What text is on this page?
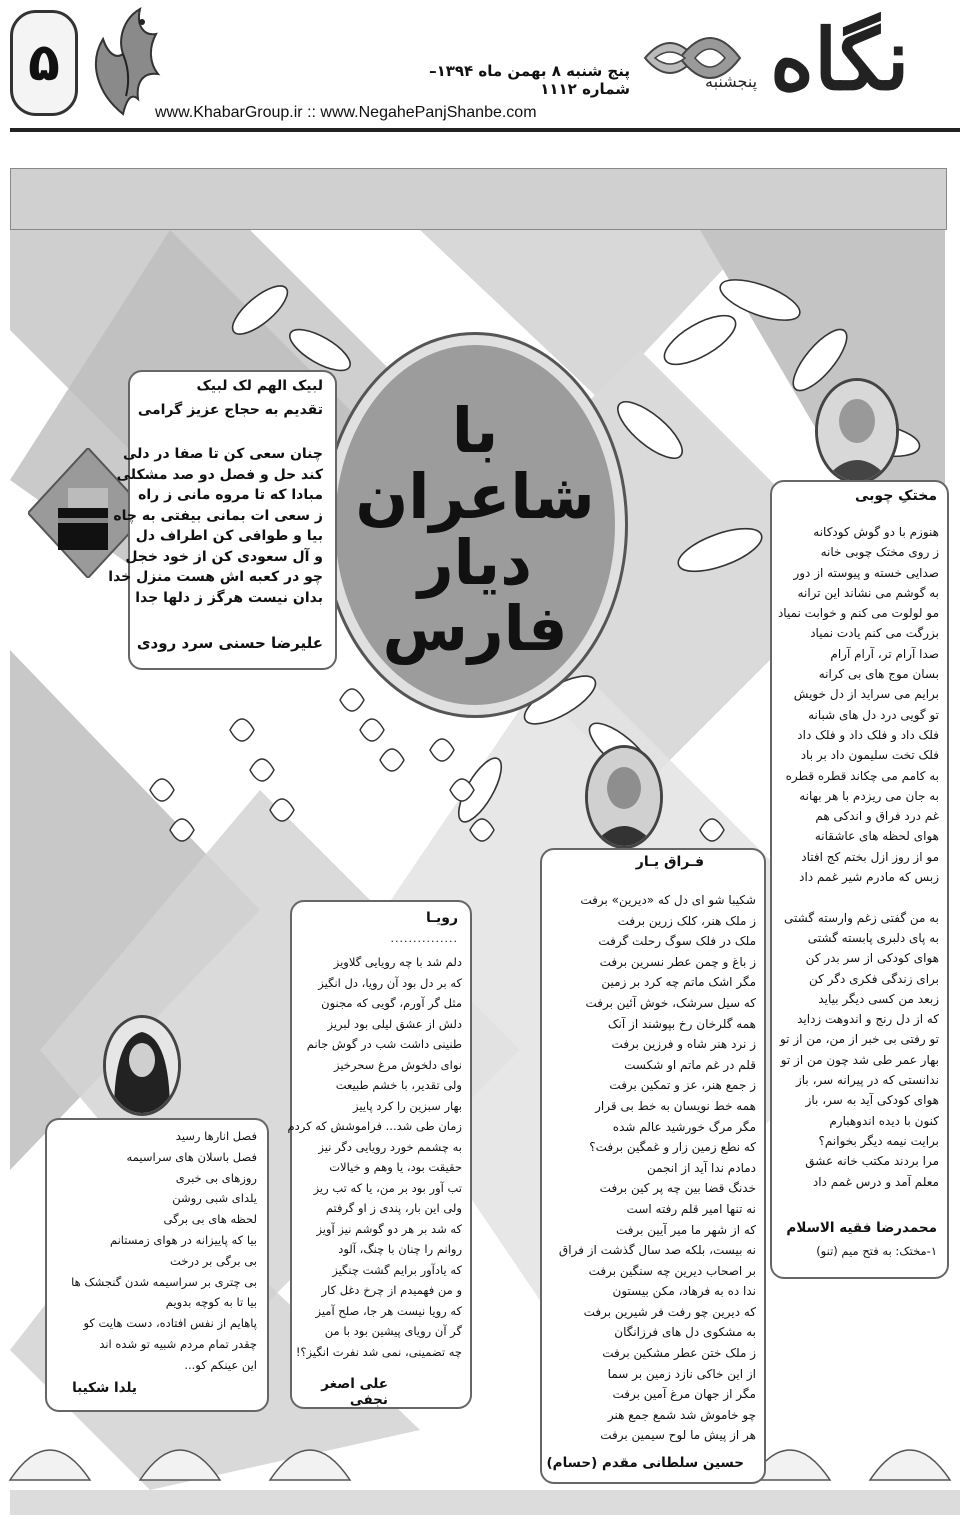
۵	پنج شنبه ۸ بهمن ماه ۱۳۹۴– شماره ۱۱۱۲
www.KhabarGroup.ir :: www.NegahePanjShanbe.com
نگاه
پنجشنبه
با
شاعران
دیار
فارس
لبیک الهم لک لبیک
تقدیم به حجاج عزیز گرامی

چنان سعی کن تا صفا در دلی

کند حل و فصل دو صد مشکلی

مبادا که تا مروه مانی ز راه

ز سعی ات بمانی بیفتی به چاه

بیا و طوافی کن اطراف دل

و آل سعودی کن از خود خجل

چو در کعبه اش هست منزل خدا

بدان نیست هرگز ز دلها جدا

علیرضا حسنی سرد رودی
مختکِ چوبی

هنوزم با دو گوش کودکانه

ز روی مختک چوبی خانه

صدایی خسته و پیوسته از دور

به گوشم می نشاند این ترانه

مو لولوت می کنم و خوابت نمیاد

بزرگت می کنم یادت نمیاد

صدا آرام تر، آرام آرام

بسان موج های بی کرانه

برایم می سراید از دل خویش

تو گویی درد دل های شبانه

فلک داد و فلک داد و فلک داد

فلک تخت سلیمون داد بر باد

به کامم می چکاند قطره قطره

به جان می ریزدم با هر بهانه

غم درد فراق و اندکی هم

هوای لحظه های عاشقانه

مو از روز ازل بختم کج افتاد

زبس که مادرم شیر غمم داد

به من گفتی زغم وارسته گشتی

به پای دلبری پابسته گشتی

هوای کودکی از سر بدر کن

برای زندگی فکری دگر کن

زبعد من کسی دیگر بیاید

که از دل رنج و اندوهت زداید

تو رفتی بی خبر از من، من از تو

بهار عمر طی شد چون من از تو

ندانستی که در پیرانه سر، باز

هوای کودکی آید به سر، باز

کنون با دیده اندوهبارم

برایت نیمه دیگر بخوانم؟

مرا بردند مکتب خانه عشق

معلم آمد و درس غمم داد

محمدرضا فقیه الاسلام
۱-مختک: به فتح میم (تنو)
فـراق یـار

شکیبا شو ای دل که «دیرین» برفت

ز ملک هنر، کلک زرین برفت

ملک در فلک سوگ رحلت گرفت

ز باغ و چمن عطر نسرین برفت

مگر اشک ماتم چه کرد بر زمین

که سیل سرشک، خوش آئین برفت

همه گلرخان رخ بپوشند از آنک

ز نرد هنر شاه و فرزین برفت

قلم در غم ماتم او شکست

ز جمع هنر، عز و تمکین برفت

همه خط نویسان به خط بی قرار

مگر مرگ خورشید عالم شده

که نطع زمین زار و غمگین برفت؟

دمادم ندا آید از انجمن

خدنگ قضا بین چه پر کین برفت

نه تنها امیر قلم رفته است

که از شهر ما میر آیین برفت

نه بیست، بلکه صد سال گذشت از فراق

بر اصحاب دیرین چه سنگین برفت

ندا ده به فرهاد، مکن بیستون

که دیرین چو رفت فر شیرین برفت

به مشکوی دل های فرزانگان

ز ملک ختن عطر مشکین برفت

از این خاکی نازد زمین بر سما

مگر از جهان مرغ آمین برفت

چو خاموش شد شمع جمع هنر

هر از پیش ما لوح سیمین برفت

حسین سلطانی مقدم (حسام)
رویـا
...............

دلم شد با چه رویایی گلاویز

که بر دل بود آن رویا، دل انگیز

مثل گر آورم، گویی که مجنون

دلش از عشق لیلی بود لبریز

طنینی داشت شب در گوش جانم

نوای دلخوش مرغ سحرخیز

ولی تقدیر، با خشم طبیعت

بهار سبزین را کرد پاییز

زمان طی شد... فراموشش که کردم

به چشمم خورد رویایی دگر نیز

حقیقت بود، یا وهم و خیالات

تب آور بود بر من، یا که تب ریز

ولی این بار، پندی ز او گرفتم

که شد بر هر دو گوشم نیز آویز

روانم را چنان با چنگ، آلود

که یادآور برایم گشت چنگیز

و من فهمیدم از چرخ دغل کار

که رویا نیست هر جا، صلح آمیز

گر آن رویای پیشین بود با من

چه تضمینی، نمی شد نفرت انگیز؟!

علی اصغر نجفی

فصل انارها رسید

فصل باسلان های سراسیمه

روزهای بی خبری

یلدای شبی روشن

لحظه های بی برگی

بیا که پاییزانه در هوای زمستانم

بی برگی بر درخت

بی چتری بر سراسیمه شدن گنجشک ها

بیا تا به کوچه بدویم

پاهایم از نفس افتاده، دست هایت کو

چقدر تمام مردم شبیه تو شده اند

این عینکم کو...

یلدا شکیبا
